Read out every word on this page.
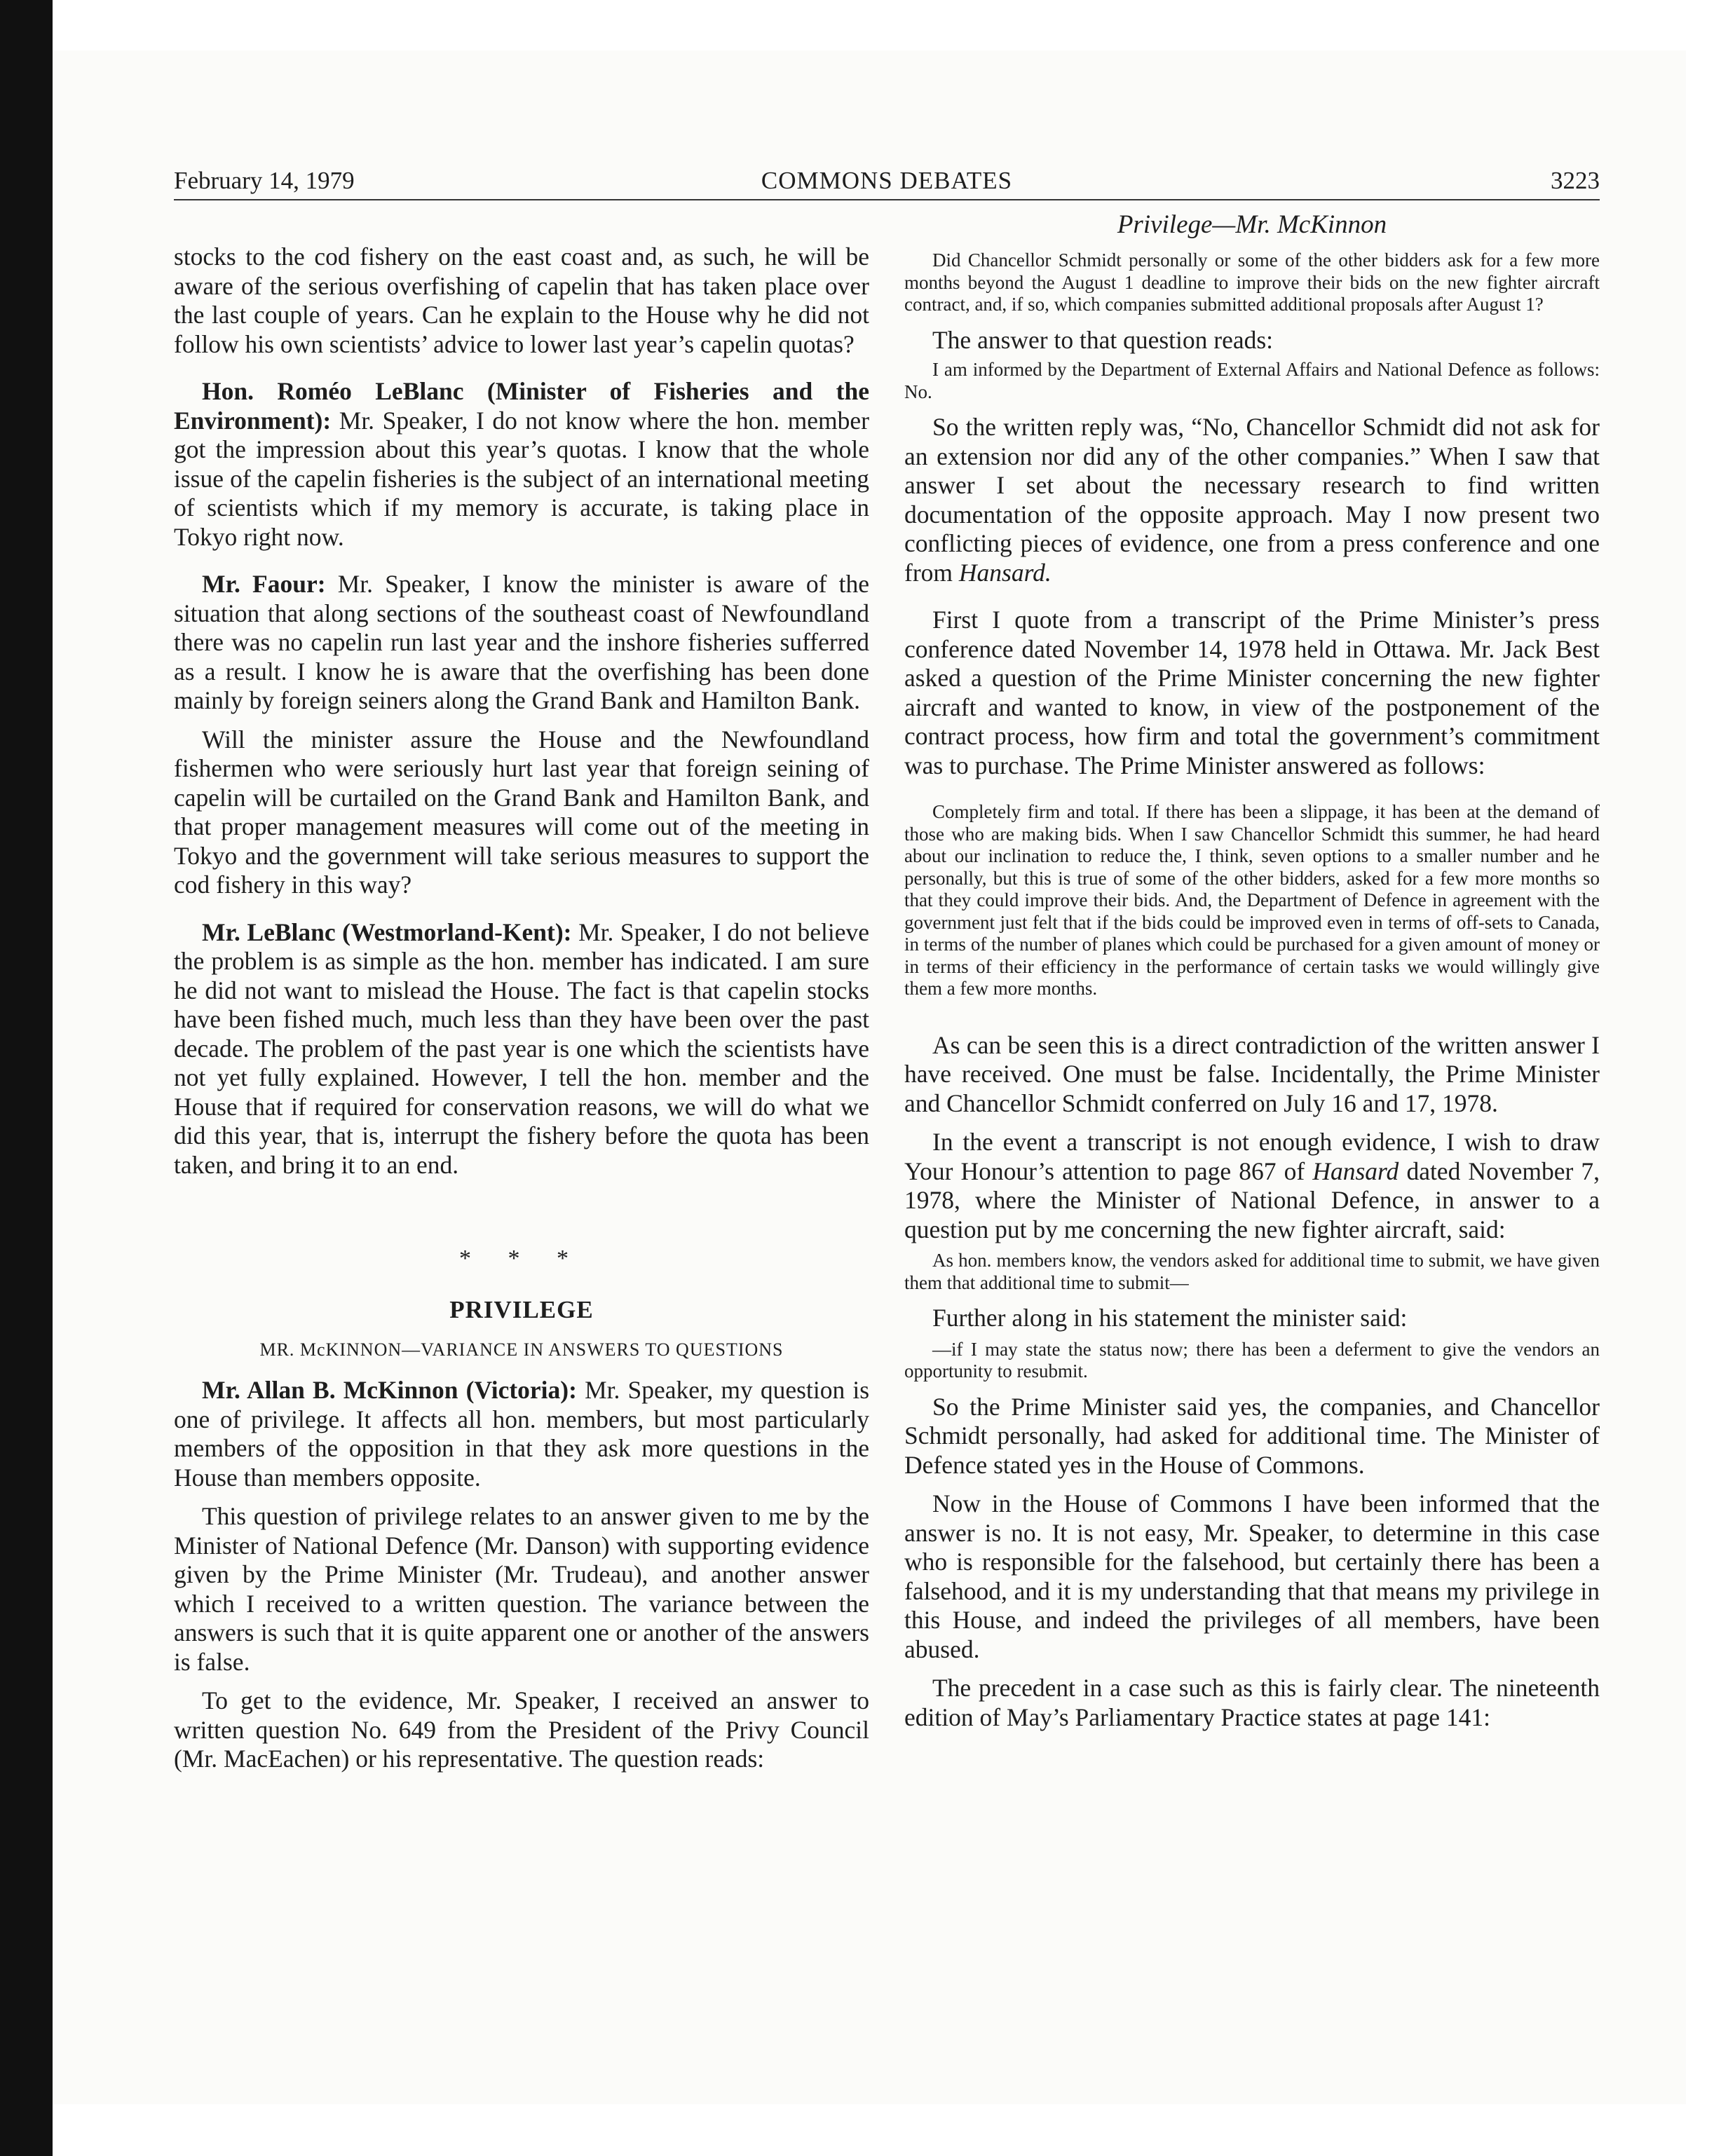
February 14, 1979	COMMONS DEBATES	3223

stocks to the cod fishery on the east coast and, as such, he will be aware of the serious overfishing of capelin that has taken place over the last couple of years. Can he explain to the House why he did not follow his own scientists’ advice to lower last year’s capelin quotas?

Hon. Roméo LeBlanc (Minister of Fisheries and the Environment): Mr. Speaker, I do not know where the hon. member got the impression about this year’s quotas. I know that the whole issue of the capelin fisheries is the subject of an international meeting of scientists which if my memory is accurate, is taking place in Tokyo right now.

Mr. Faour: Mr. Speaker, I know the minister is aware of the situation that along sections of the southeast coast of Newfoundland there was no capelin run last year and the inshore fisheries sufferred as a result. I know he is aware that the overfishing has been done mainly by foreign seiners along the Grand Bank and Hamilton Bank.

Will the minister assure the House and the Newfoundland fishermen who were seriously hurt last year that foreign seining of capelin will be curtailed on the Grand Bank and Hamilton Bank, and that proper management measures will come out of the meeting in Tokyo and the government will take serious measures to support the cod fishery in this way?

Mr. LeBlanc (Westmorland-Kent): Mr. Speaker, I do not believe the problem is as simple as the hon. member has indicated. I am sure he did not want to mislead the House. The fact is that capelin stocks have been fished much, much less than they have been over the past decade. The problem of the past year is one which the scientists have not yet fully explained. However, I tell the hon. member and the House that if required for conservation reasons, we will do what we did this year, that is, interrupt the fishery before the quota has been taken, and bring it to an end.

* * *
PRIVILEGE
MR. McKINNON—VARIANCE IN ANSWERS TO QUESTIONS

Mr. Allan B. McKinnon (Victoria): Mr. Speaker, my question is one of privilege. It affects all hon. members, but most particularly members of the opposition in that they ask more questions in the House than members opposite.

This question of privilege relates to an answer given to me by the Minister of National Defence (Mr. Danson) with supporting evidence given by the Prime Minister (Mr. Trudeau), and another answer which I received to a written question. The variance between the answers is such that it is quite apparent one or another of the answers is false.

To get to the evidence, Mr. Speaker, I received an answer to written question No. 649 from the President of the Privy Council (Mr. MacEachen) or his representative. The question reads:

Privilege—Mr. McKinnon

Did Chancellor Schmidt personally or some of the other bidders ask for a few more months beyond the August 1 deadline to improve their bids on the new fighter aircraft contract, and, if so, which companies submitted additional proposals after August 1?

The answer to that question reads:

I am informed by the Department of External Affairs and National Defence as follows: No.

So the written reply was, “No, Chancellor Schmidt did not ask for an extension nor did any of the other companies.” When I saw that answer I set about the necessary research to find written documentation of the opposite approach. May I now present two conflicting pieces of evidence, one from a press conference and one from Hansard.

First I quote from a transcript of the Prime Minister’s press conference dated November 14, 1978 held in Ottawa. Mr. Jack Best asked a question of the Prime Minister concerning the new fighter aircraft and wanted to know, in view of the postponement of the contract process, how firm and total the government’s commitment was to purchase. The Prime Minister answered as follows:

Completely firm and total. If there has been a slippage, it has been at the demand of those who are making bids. When I saw Chancellor Schmidt this summer, he had heard about our inclination to reduce the, I think, seven options to a smaller number and he personally, but this is true of some of the other bidders, asked for a few more months so that they could improve their bids. And, the Department of Defence in agreement with the government just felt that if the bids could be improved even in terms of off-sets to Canada, in terms of the number of planes which could be purchased for a given amount of money or in terms of their efficiency in the performance of certain tasks we would willingly give them a few more months.

As can be seen this is a direct contradiction of the written answer I have received. One must be false. Incidentally, the Prime Minister and Chancellor Schmidt conferred on July 16 and 17, 1978.

In the event a transcript is not enough evidence, I wish to draw Your Honour’s attention to page 867 of Hansard dated November 7, 1978, where the Minister of National Defence, in answer to a question put by me concerning the new fighter aircraft, said:

As hon. members know, the vendors asked for additional time to submit, we have given them that additional time to submit—

Further along in his statement the minister said:

—if I may state the status now; there has been a deferment to give the vendors an opportunity to resubmit.

So the Prime Minister said yes, the companies, and Chancellor Schmidt personally, had asked for additional time. The Minister of Defence stated yes in the House of Commons.

Now in the House of Commons I have been informed that the answer is no. It is not easy, Mr. Speaker, to determine in this case who is responsible for the falsehood, but certainly there has been a falsehood, and it is my understanding that that means my privilege in this House, and indeed the privileges of all members, have been abused.

The precedent in a case such as this is fairly clear. The nineteenth edition of May’s Parliamentary Practice states at page 141:
